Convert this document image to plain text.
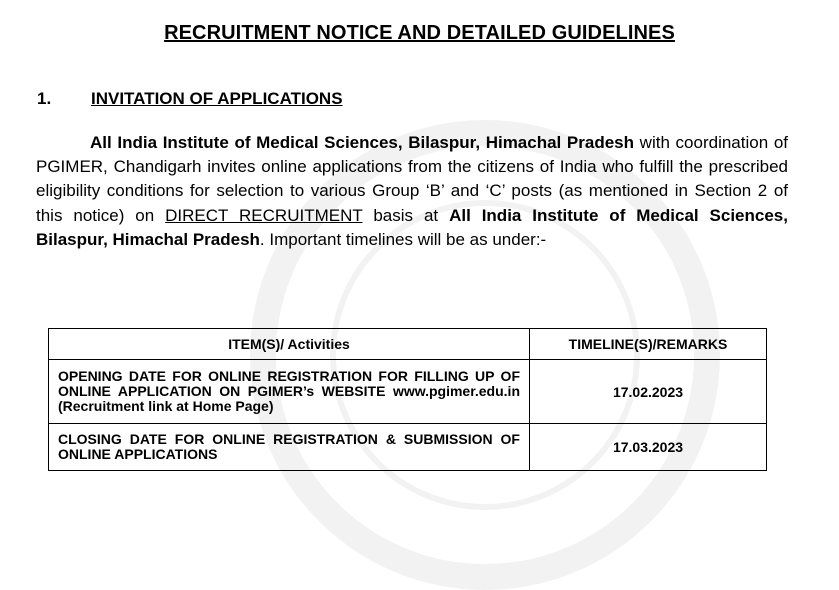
RECRUITMENT NOTICE AND DETAILED GUIDELINES
1. INVITATION OF APPLICATIONS

All India Institute of Medical Sciences, Bilaspur, Himachal Pradesh with coordination of PGIMER, Chandigarh invites online applications from the citizens of India who fulfill the prescribed eligibility conditions for selection to various Group ‘B’ and ‘C’ posts (as mentioned in Section 2 of this notice) on DIRECT RECRUITMENT basis at All India Institute of Medical Sciences, Bilaspur, Himachal Pradesh. Important timelines will be as under:-

ITEM(S)/ Activities	TIMELINE(S)/REMARKS
OPENING DATE FOR ONLINE REGISTRATION FOR FILLING UP OF ONLINE APPLICATION ON PGIMER’s WEBSITE www.pgimer.edu.in (Recruitment link at Home Page)	17.02.2023
CLOSING DATE FOR ONLINE REGISTRATION & SUBMISSION OF ONLINE APPLICATIONS	17.03.2023
